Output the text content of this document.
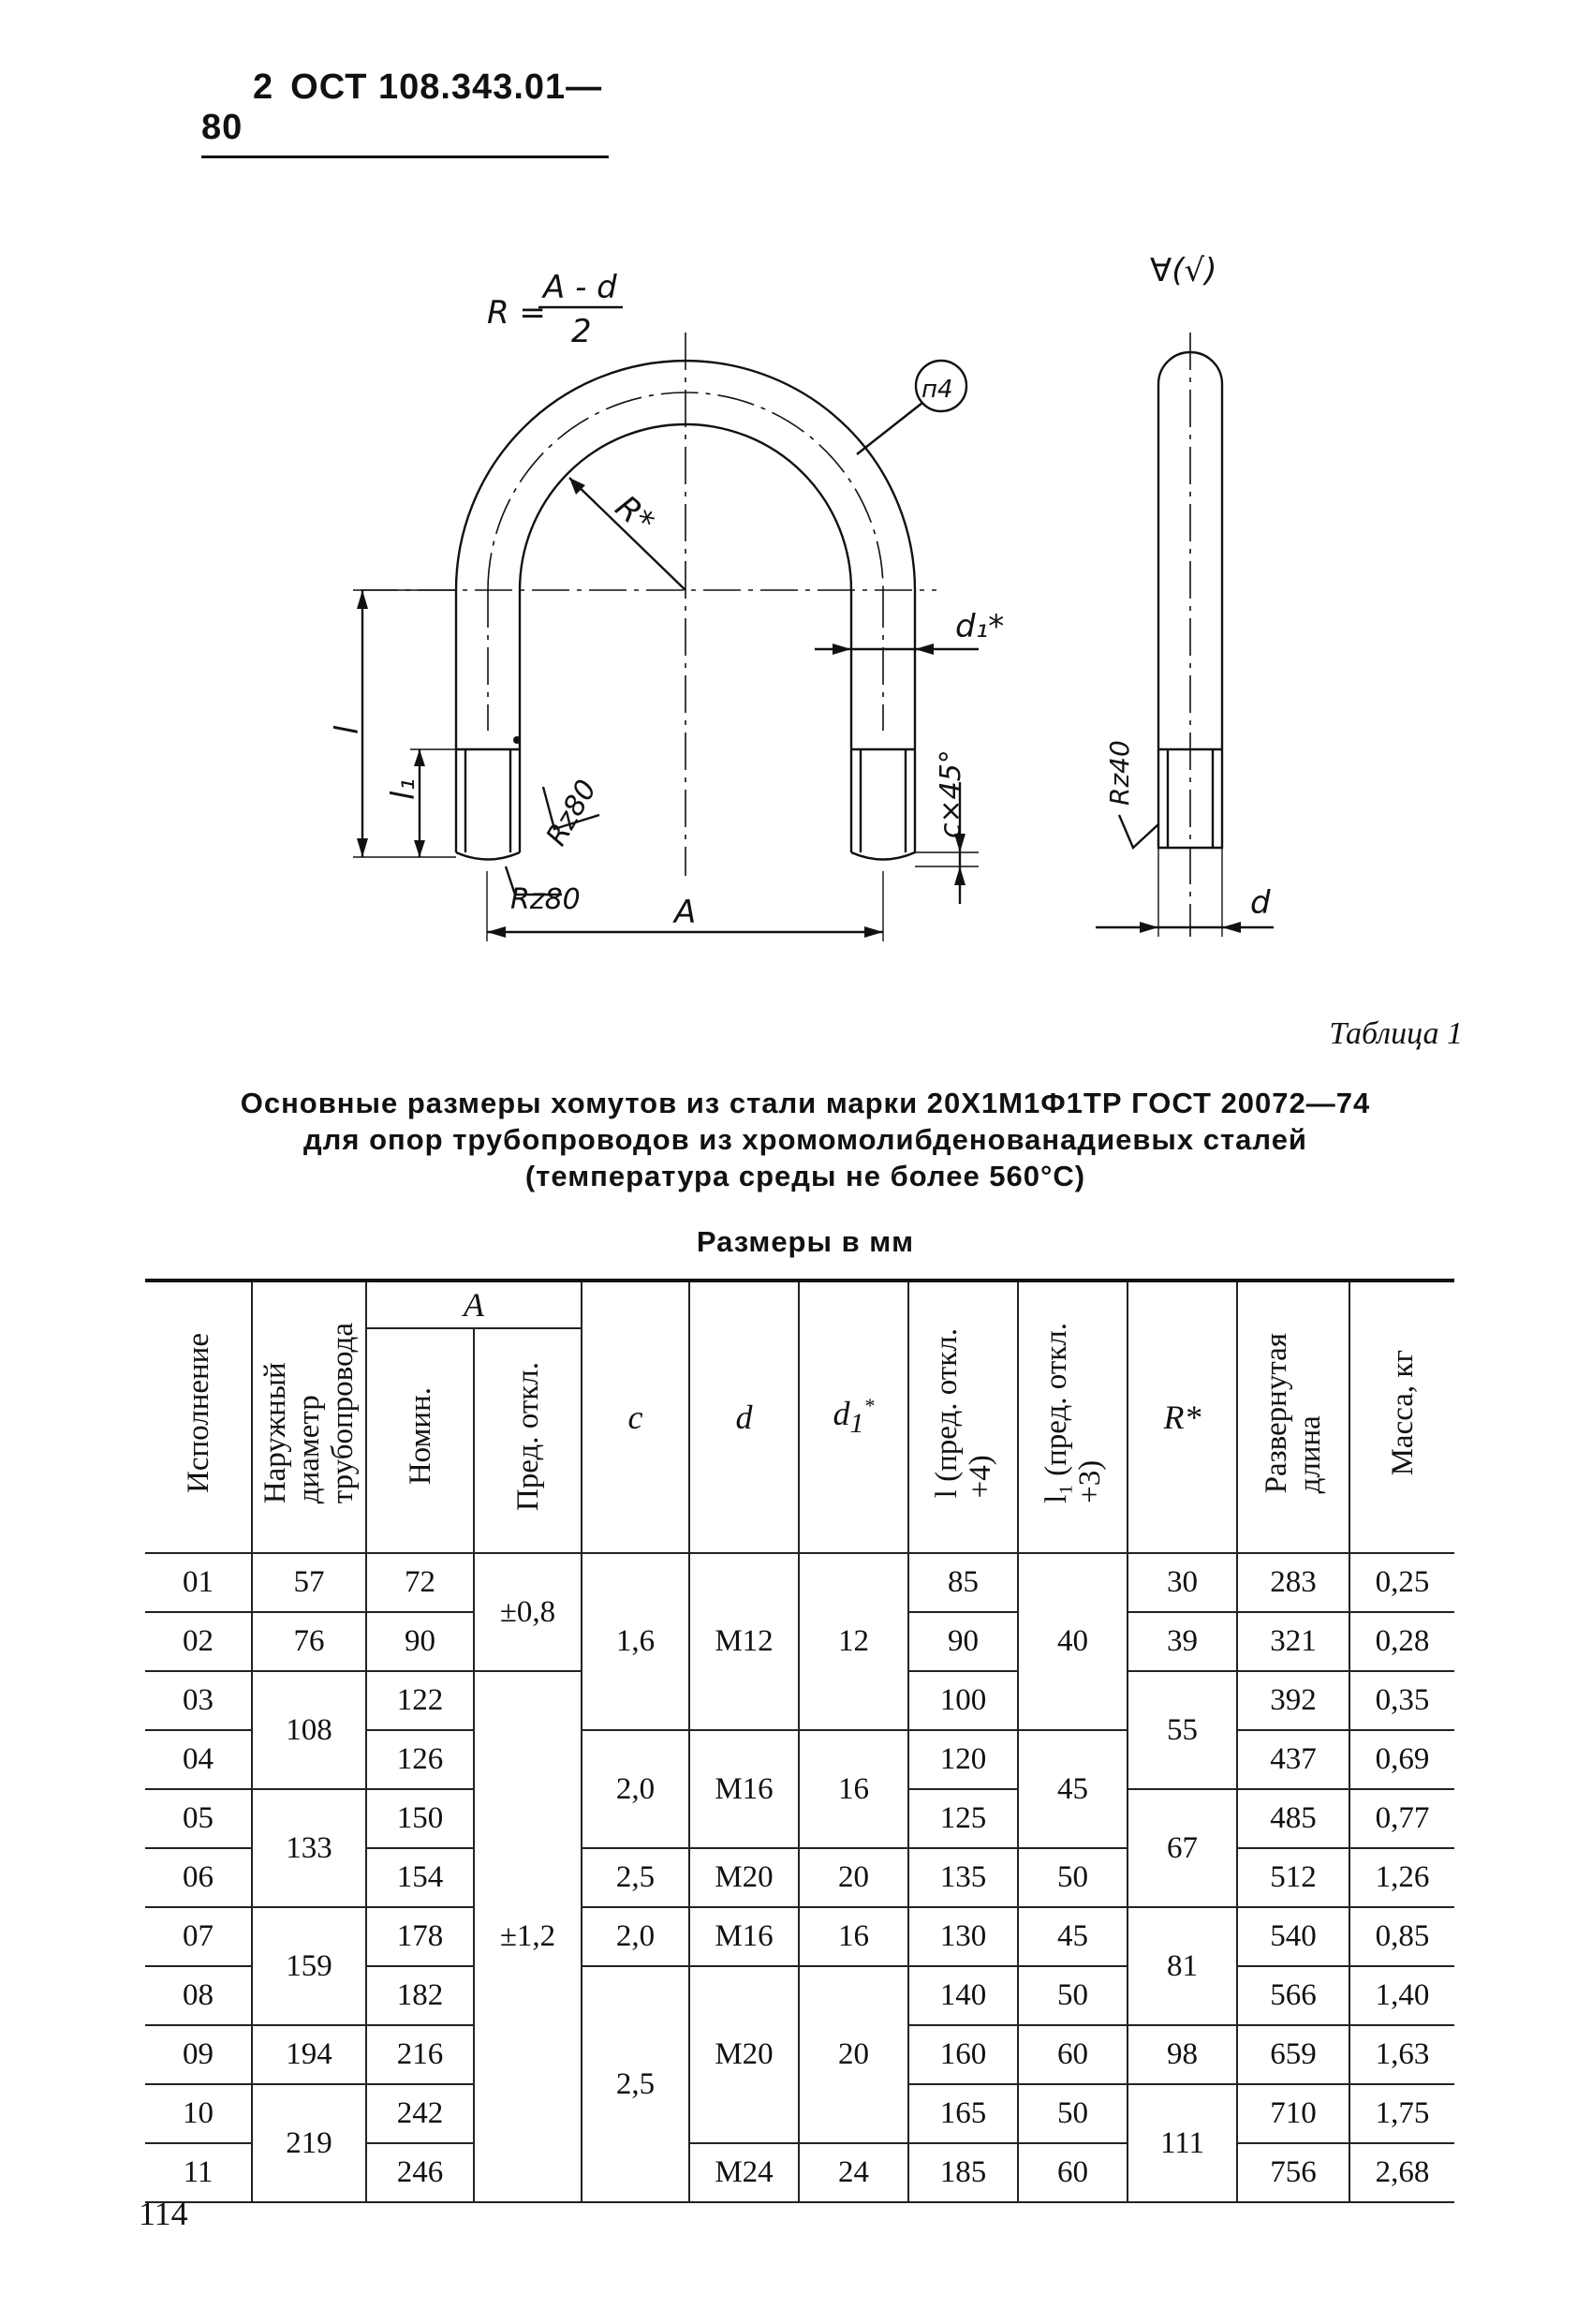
2 ОСТ 108.343.01—80
R =
A - d
2
R*
п4
∀(√)
d₁*
l
l₁	Rz80
Rz80
c×45°
A
Rz40
d
Таблица 1
Основные размеры хомутов из стали марки 20Х1М1Ф1ТР ГОСТ 20072—74
для опор трубопроводов из хромомолибденованадиевых сталей
(температура среды не более 560°С)
Размеры в мм
Исполнение	Наружный
диаметр
трубопровода	A		c	d	$d_1^*$	l (пред. откл.
+4)	l₁ (пред. откл.
+3)	R*	Развернутая
длина	Масса, кг
		Номин.	Пред. откл.								
01	57	72	±0,8	1,6	M12	12	85	40	30	283	0,25
02	76	90					90		39	321	0,28
03	108	122	±1,2				100		55	392	0,35
04		126		2,0	M16	16	120	45		437	0,69
05	133	150					125		67	485	0,77
06		154		2,5	M20	20	135	50		512	1,26
07	159	178		2,0	M16	16	130	45	81	540	0,85
08		182		2,5	M20	20	140	50		566	1,40
09	194	216					160	60	98	659	1,63
10	219	242					165	50	111	710	1,75
11		246			M24	24	185	60		756	2,68
114
